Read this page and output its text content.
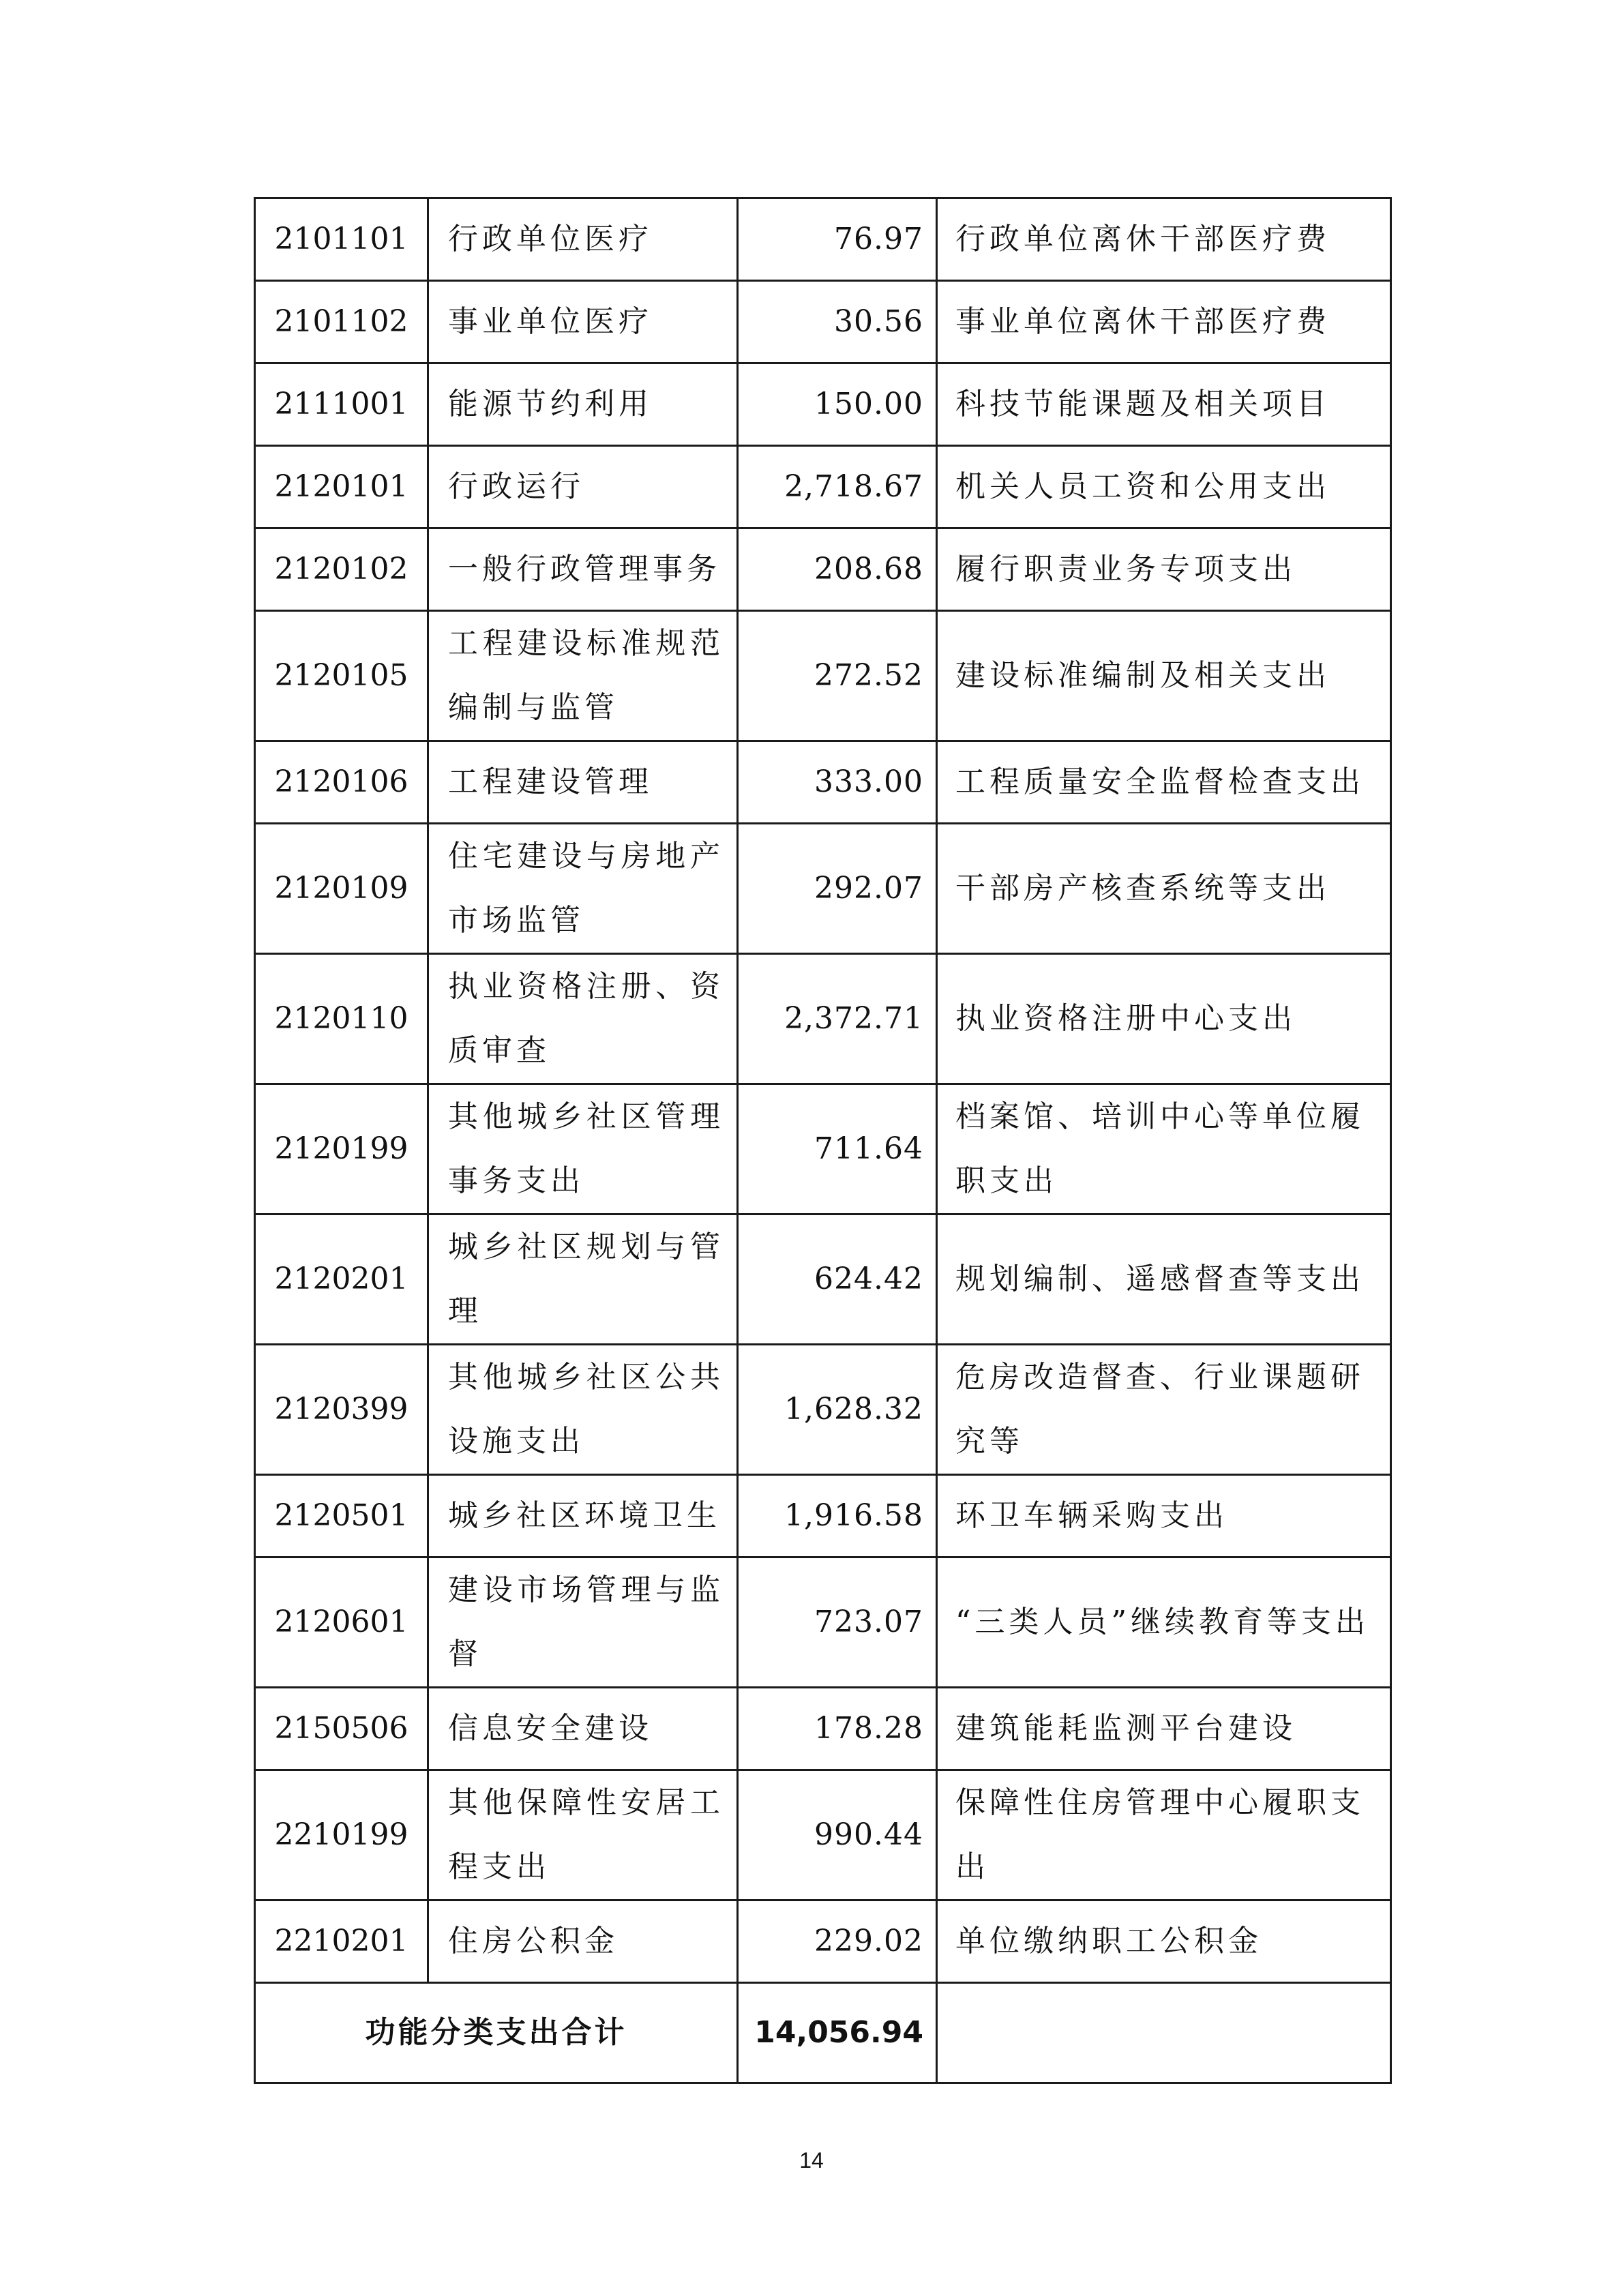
2101101	行政单位医疗	76.97	行政单位离休干部医疗费
2101102	事业单位医疗	30.56	事业单位离休干部医疗费
2111001	能源节约利用	150.00	科技节能课题及相关项目
2120101	行政运行	2,718.67	机关人员工资和公用支出
2120102	一般行政管理事务	208.68	履行职责业务专项支出
2120105	工程建设标准规范编制与监管	272.52	建设标准编制及相关支出
2120106	工程建设管理	333.00	工程质量安全监督检查支出
2120109	住宅建设与房地产市场监管	292.07	干部房产核查系统等支出
2120110	执业资格注册、资质审查	2,372.71	执业资格注册中心支出
2120199	其他城乡社区管理事务支出	711.64	档案馆、培训中心等单位履职支出
2120201	城乡社区规划与管理	624.42	规划编制、遥感督查等支出
2120399	其他城乡社区公共设施支出	1,628.32	危房改造督查、行业课题研究等
2120501	城乡社区环境卫生	1,916.58	环卫车辆采购支出
2120601	建设市场管理与监督	723.07	“三类人员”继续教育等支出
2150506	信息安全建设	178.28	建筑能耗监测平台建设
2210199	其他保障性安居工程支出	990.44	保障性住房管理中心履职支出
2210201	住房公积金	229.02	单位缴纳职工公积金
功能分类支出合计		14,056.94	
14
